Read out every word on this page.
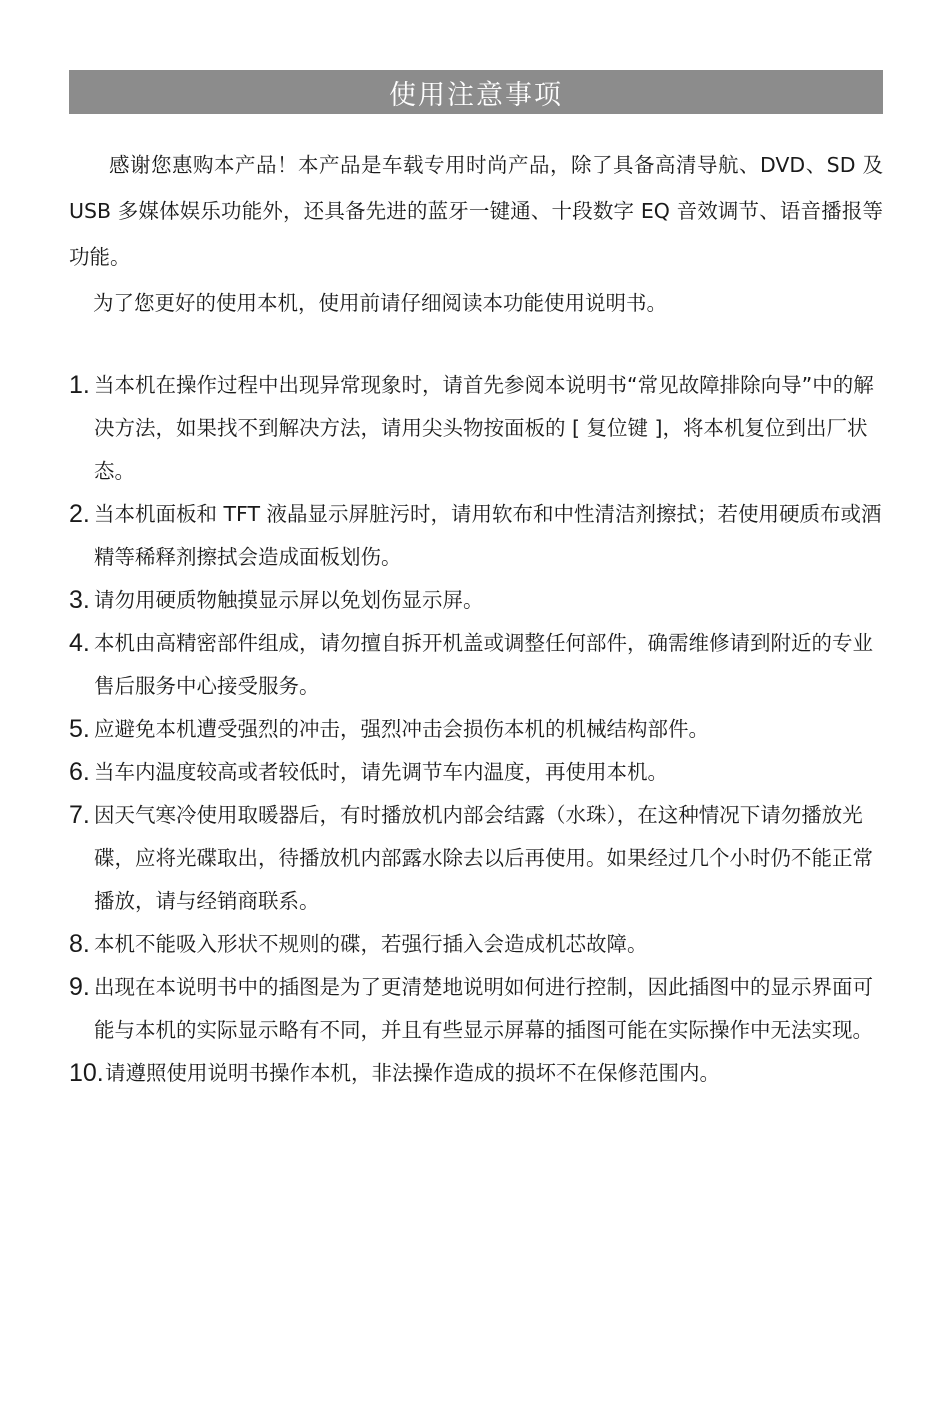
使用注意事项

感谢您惠购本产品！本产品是车载专用时尚产品，除了具备高清导航、DVD、SD 及 USB 多媒体娱乐功能外，还具备先进的蓝牙一键通、十段数字 EQ 音效调节、语音播报等功能。

为了您更好的使用本机，使用前请仔细阅读本功能使用说明书。

1. 当本机在操作过程中出现异常现象时，请首先参阅本说明书“常见故障排除向导”中的解决方法，如果找不到解决方法，请用尖头物按面板的 [ 复位键 ]，将本机复位到出厂状态。
2. 当本机面板和 TFT 液晶显示屏脏污时，请用软布和中性清洁剂擦拭；若使用硬质布或酒精等稀释剂擦拭会造成面板划伤。
3. 请勿用硬质物触摸显示屏以免划伤显示屏。
4. 本机由高精密部件组成，请勿擅自拆开机盖或调整任何部件，确需维修请到附近的专业售后服务中心接受服务。
5. 应避免本机遭受强烈的冲击，强烈冲击会损伤本机的机械结构部件。
6. 当车内温度较高或者较低时，请先调节车内温度，再使用本机。
7. 因天气寒冷使用取暖器后，有时播放机内部会结露（水珠），在这种情况下请勿播放光碟，应将光碟取出，待播放机内部露水除去以后再使用。如果经过几个小时仍不能正常播放，请与经销商联系。
8. 本机不能吸入形状不规则的碟，若强行插入会造成机芯故障。
9. 出现在本说明书中的插图是为了更清楚地说明如何进行控制，因此插图中的显示界面可能与本机的实际显示略有不同，并且有些显示屏幕的插图可能在实际操作中无法实现。
10. 请遵照使用说明书操作本机，非法操作造成的损坏不在保修范围内。
